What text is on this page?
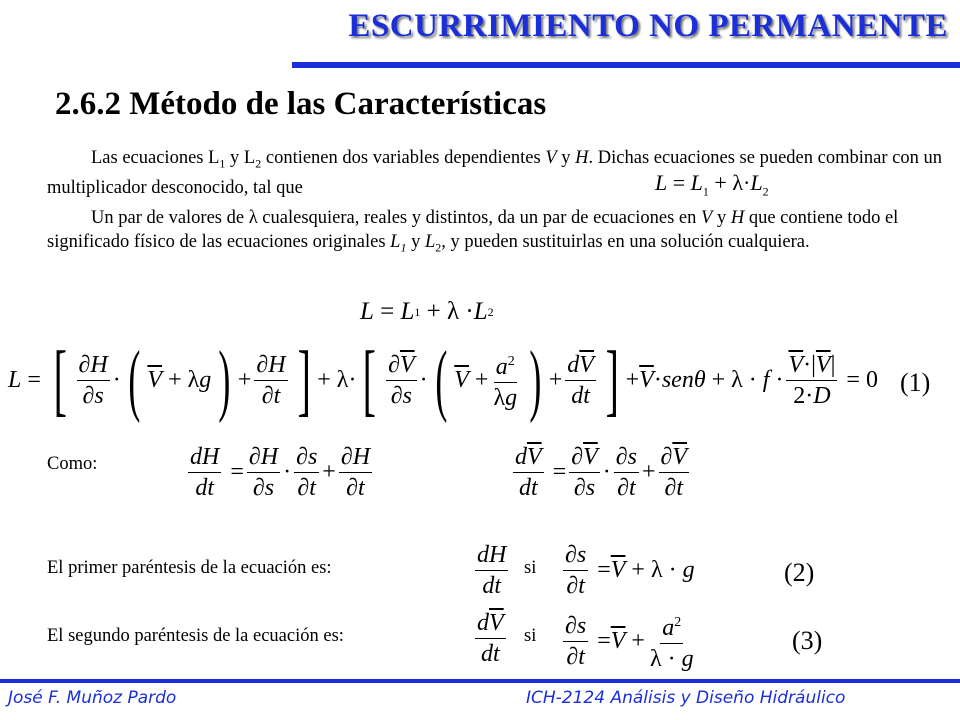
ESCURRIMIENTO NO PERMANENTE
2.6.2 Método de las Características
Las ecuaciones $L_1$ y $L_2$ contienen dos variables dependientes V y H. Dichas ecuaciones se pueden combinar con un multiplicador desconocido, tal que	$L = L_1 + \lambda\cdot L_2$
Un par de valores de λ cualesquiera, reales y distintos, da un par de ecuaciones en V y H que contiene todo el significado físico de las ecuaciones originales $L_1$ y $L_2$, y pueden sustituirlas en una solución cualquiera.
L = L 1 + λ · L 2
L = [ $\frac{\partial H}{\partial s}$ · ( $\overline{V} + \lambda$ g ) + $\frac{\partial H}{\partial t}$ ] + λ· [ $\frac{\partial\overline{V}}{\partial s}$ · ( $\overline{V} + \frac{a^2}{\lambda g}$ ) + $\frac{d\overline{V}}{dt}$ ] + $\overline{V} \cdot sen\theta + \lambda \cdot f \cdot \frac{\overline{V}\cdot|\overline{V}|}{2\cdot D} = 0$ (1)
Como:	$\frac{dH}{dt} = \frac{\partial H}{\partial s} \cdot \frac{\partial s}{\partial t} + \frac{\partial H}{\partial t}$	$\frac{d\overline{V}}{dt} = \frac{\partial\overline{V}}{\partial s} \cdot \frac{\partial s}{\partial t} + \frac{\partial\overline{V}}{\partial t}$
El primer paréntesis de la ecuación es:	$\frac{dH}{dt}$ si $\frac{\partial s}{\partial t} = \overline{V} + \lambda \cdot g$	(2)
El segundo paréntesis de la ecuación es:	$\frac{d\overline{V}}{dt}$ si $\frac{\partial s}{\partial t} = \overline{V} + \frac{a^2}{\lambda \cdot g}$	(3)
José F. Muñoz Pardo	ICH-2124 Análisis y Diseño Hidráulico
